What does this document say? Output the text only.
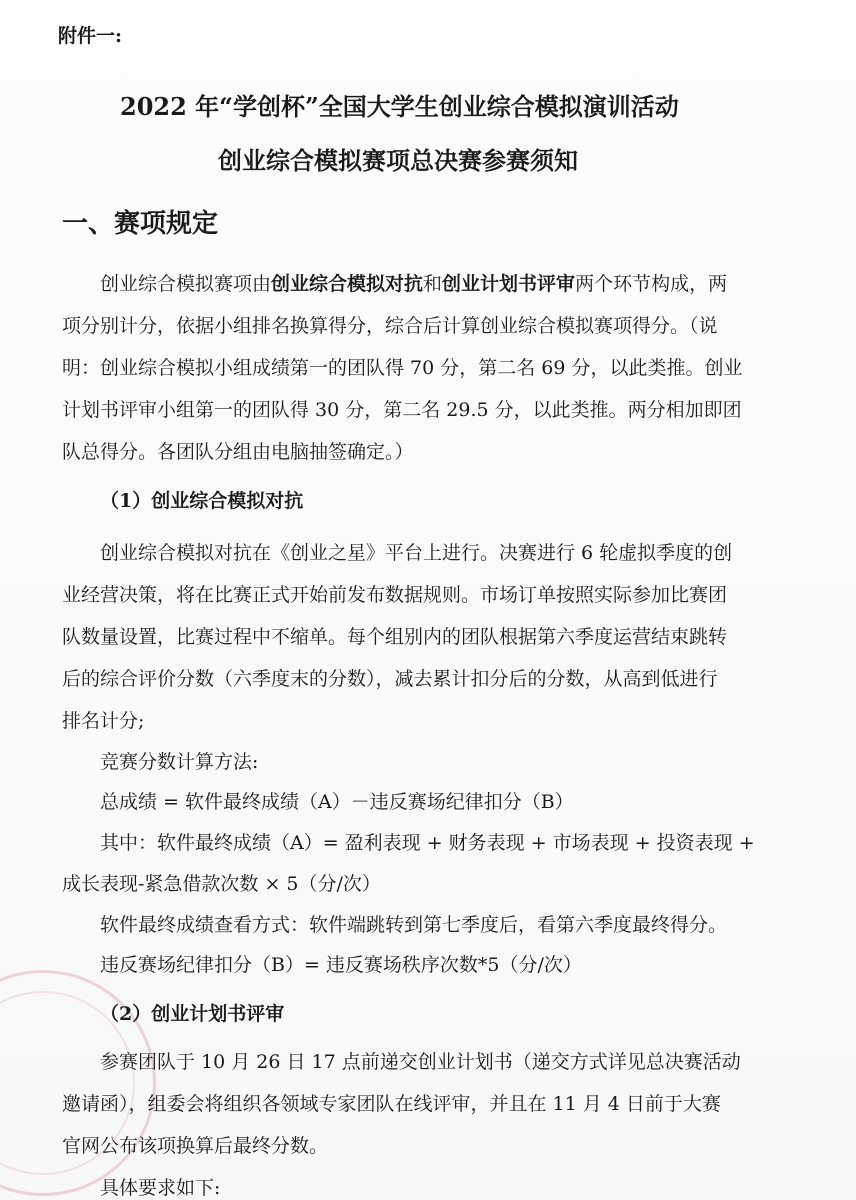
附件一:
2022 年“学创杯”全国大学生创业综合模拟演训活动
创业综合模拟赛项总决赛参赛须知
一、赛项规定
创业综合模拟赛项由创业综合模拟对抗和创业计划书评审两个环节构成，两
项分别计分，依据小组排名换算得分，综合后计算创业综合模拟赛项得分。（说
明：创业综合模拟小组成绩第一的团队得 70 分，第二名 69 分，以此类推。创业
计划书评审小组第一的团队得 30 分，第二名 29.5 分，以此类推。两分相加即团
队总得分。各团队分组由电脑抽签确定。）
（1）创业综合模拟对抗
创业综合模拟对抗在《创业之星》平台上进行。决赛进行 6 轮虚拟季度的创
业经营决策，将在比赛正式开始前发布数据规则。市场订单按照实际参加比赛团
队数量设置，比赛过程中不缩单。每个组别内的团队根据第六季度运营结束跳转
后的综合评价分数（六季度末的分数），减去累计扣分后的分数，从高到低进行
排名计分;
竞赛分数计算方法:
总成绩 = 软件最终成绩（A）－违反赛场纪律扣分（B）
其中：软件最终成绩（A）= 盈利表现 + 财务表现 + 市场表现 + 投资表现 +
成长表现-紧急借款次数 × 5（分/次）
软件最终成绩查看方式：软件端跳转到第七季度后，看第六季度最终得分。
违反赛场纪律扣分（B）= 违反赛场秩序次数*5（分/次）
（2）创业计划书评审
参赛团队于 10 月 26 日 17 点前递交创业计划书（递交方式详见总决赛活动
邀请函），组委会将组织各领域专家团队在线评审，并且在 11 月 4 日前于大赛
官网公布该项换算后最终分数。
具体要求如下:
